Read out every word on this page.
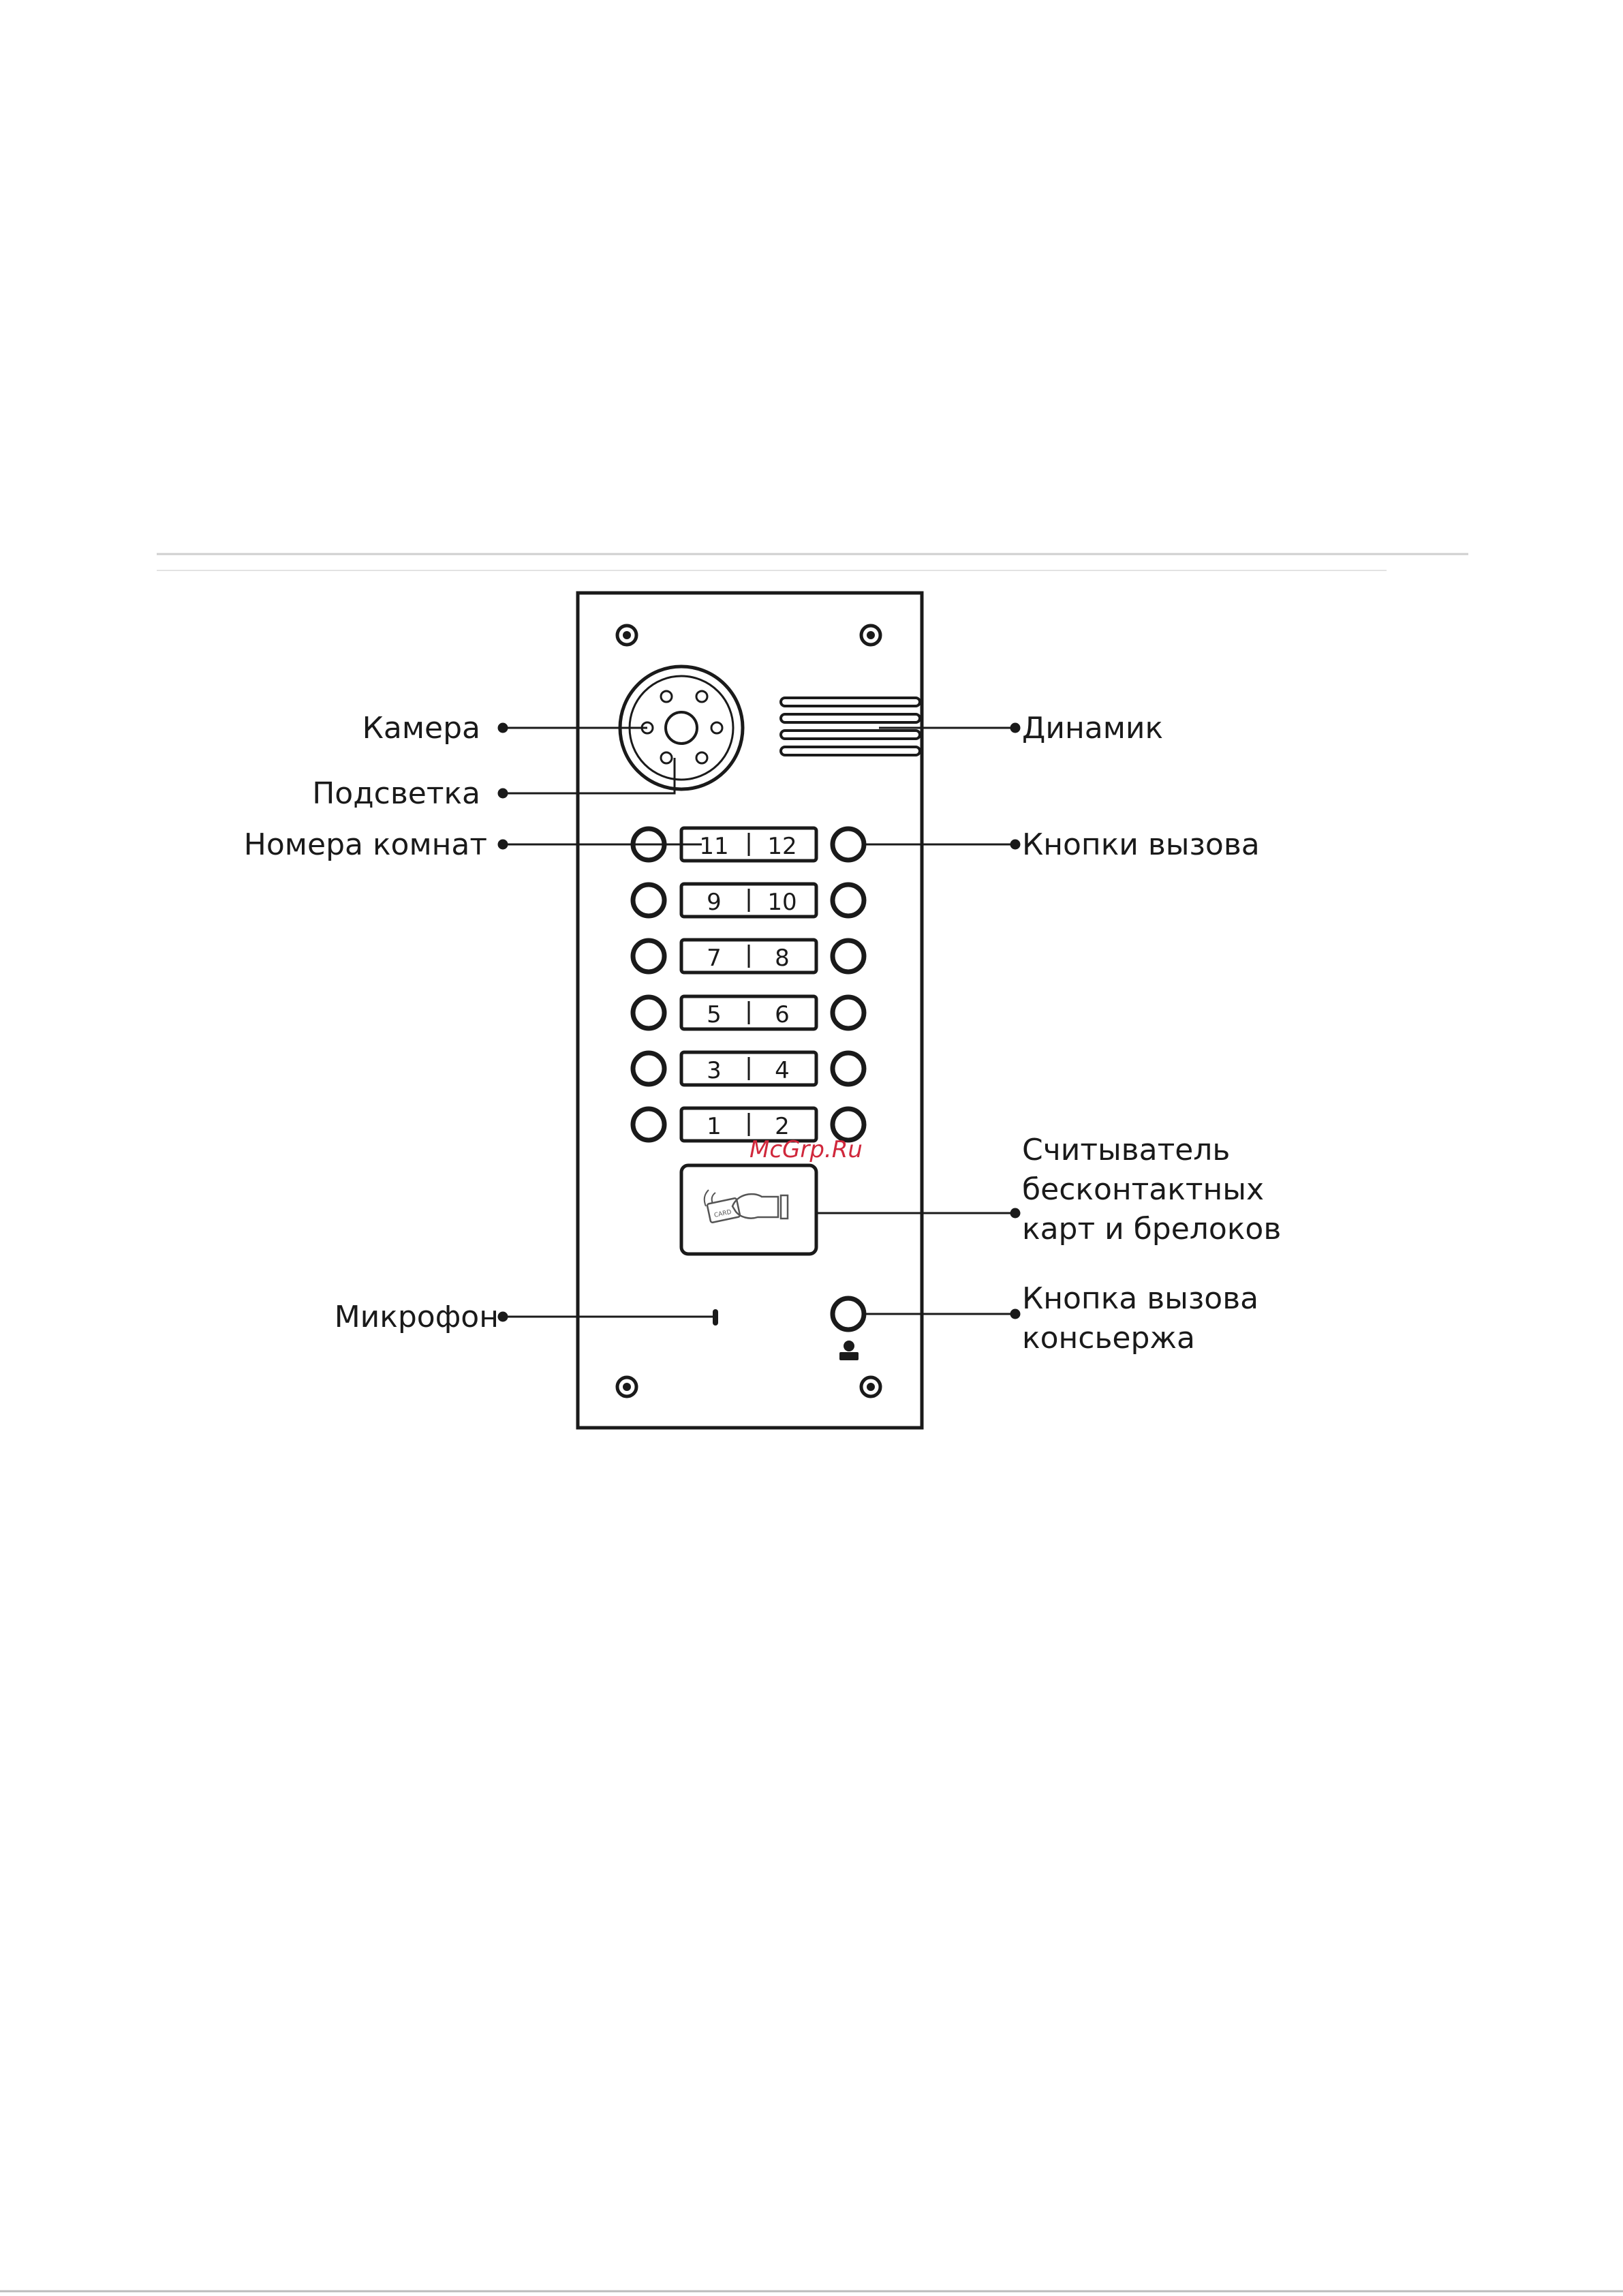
11 12
9 10
7 8
5 6
3 4
1 2
CARD
Камера
Подсветка
Номера комнат
Микрофон
Динамик
Кнопки вызова
Считыватель
бесконтактных
карт и брелоков
Кнопка вызова
консьержа
McGrp.Ru
